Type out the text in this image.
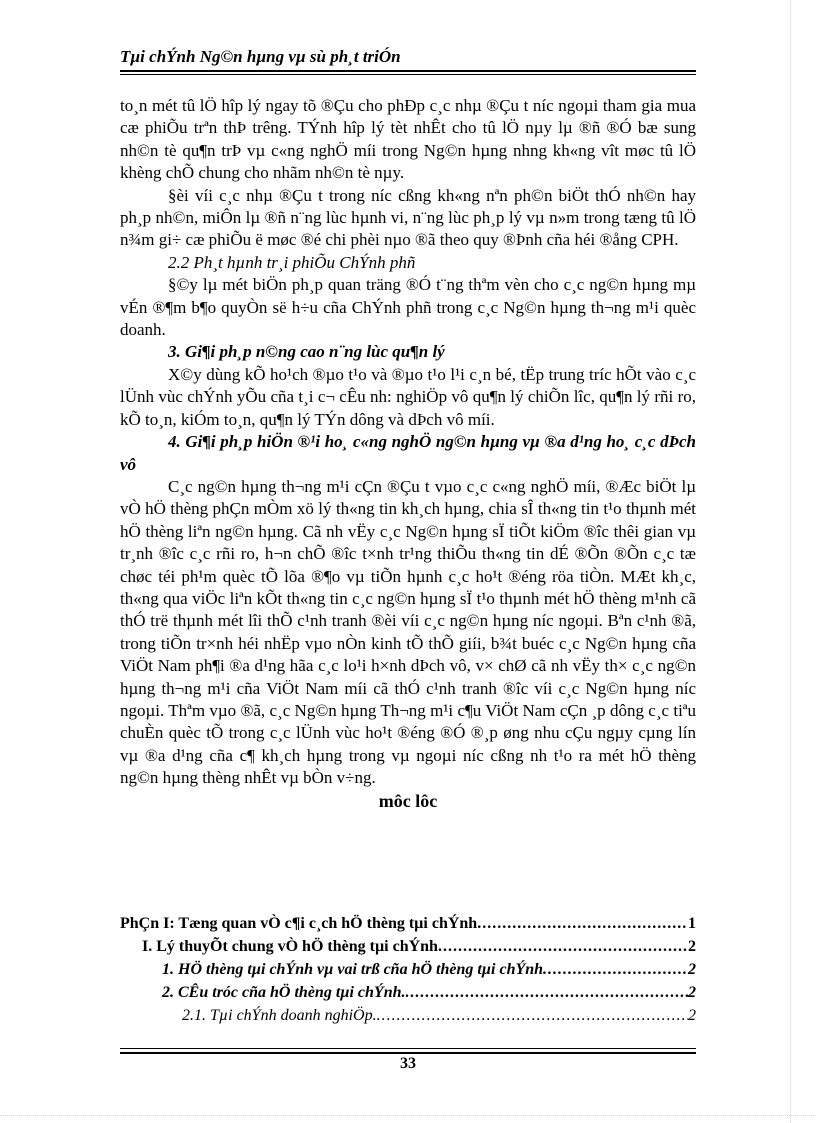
Tµi chÝnh Ng©n hµng vµ sù ph¸t triÓn

to¸n mét tû lÖ hîp lý ngay tõ ®Çu cho phÐp c¸c nhµ ®Çu t níc ngoµi tham gia mua cæ phiÕu trªn thÞ trêng. TÝnh hîp lý tèt nhÊt cho tû lÖ nµy lµ ®ñ ®Ó bæ sung nh©n tè qu¶n trÞ vµ c«ng nghÖ míi trong Ng©n hµng nhng kh«ng vît møc tû lÖ khèng chÕ chung cho nhãm nh©n tè nµy.

§èi víi c¸c nhµ ®Çu t trong níc cßng kh«ng nªn ph©n biÖt thÓ nh©n hay ph¸p nh©n, miÔn lµ ®ñ n¨ng lùc hµnh vi, n¨ng lùc ph¸p lý vµ n»m trong tæng tû lÖ n¾m gi÷ cæ phiÕu ë møc ®é chi phèi nµo ®ã theo quy ®Þnh cña héi ®ång CPH.

2.2 Ph¸t hµnh tr¸i phiÕu ChÝnh phñ

§©y lµ mét biÖn ph¸p quan träng ®Ó t¨ng thªm vèn cho c¸c ng©n hµng mµ vÉn ®¶m b¶o quyÒn së h÷u cña ChÝnh phñ trong c¸c Ng©n hµng th¬ng m¹i quèc doanh.

3. Gi¶i ph¸p n©ng cao n¨ng lùc qu¶n lý

X©y dùng kÕ ho¹ch ®µo t¹o và ®µo t¹o l¹i c¸n bé, tËp trung tríc hÕt vào c¸c lÜnh vùc chÝnh yÕu cña t¸i c¬ cÊu nh: nghiÖp vô qu¶n lý chiÕn lîc, qu¶n lý rñi ro, kÕ to¸n, kiÓm to¸n, qu¶n lý TÝn dông và dÞch vô míi.

4. Gi¶i ph¸p hiÖn ®¹i ho¸ c«ng nghÖ ng©n hµng vµ ®a d¹ng ho¸ c¸c dÞch vô

C¸c ng©n hµng th¬ng m¹i cÇn ®Çu t vµo c¸c c«ng nghÖ míi, ®Æc biÖt lµ vÒ hÖ thèng phÇn mÒm xö lý th«ng tin kh¸ch hµng, chia sÎ th«ng tin t¹o thµnh mét hÖ thèng liªn ng©n hµng. Cã nh vËy c¸c Ng©n hµng sÏ tiÕt kiÖm ®îc thêi gian vµ tr¸nh ®îc c¸c rñi ro, h¬n chÕ ®îc t×nh tr¹ng thiÕu th«ng tin dÉ ®Õn ®Õn c¸c tæ chøc téi ph¹m quèc tÕ lõa ®¶o vµ tiÕn hµnh c¸c ho¹t ®éng röa tiÒn. MÆt kh¸c, th«ng qua viÖc liªn kÕt th«ng tin c¸c ng©n hµng sÏ t¹o thµnh mét hÖ thèng m¹nh cã thÓ trë thµnh mét lîi thÕ c¹nh tranh ®èi víi c¸c ng©n hµng níc ngoµi. Bªn c¹nh ®ã, trong tiÕn tr×nh héi nhËp vµo nÒn kinh tÕ thÕ giíi, b¾t buéc c¸c Ng©n hµng cña ViÖt Nam ph¶i ®a d¹ng hãa c¸c lo¹i h×nh dÞch vô, v× chØ cã nh vËy th× c¸c ng©n hµng th¬ng m¹i cña ViÖt Nam míi cã thÓ c¹nh tranh ®îc víi c¸c Ng©n hµng níc ngoµi. Thªm vµo ®ã, c¸c Ng©n hµng Th¬ng m¹i c¶u ViÖt Nam cÇn ¸p dông c¸c tiªu chuÈn quèc tÕ trong c¸c lÜnh vùc ho¹t ®éng ®Ó ®¸p øng nhu cÇu ngµy cµng lín vµ ®a d¹ng cña c¶ kh¸ch hµng trong vµ ngoµi níc cßng nh t¹o ra mét hÖ thèng ng©n hµng thèng nhÊt vµ bÒn v÷ng.

môc lôc

PhÇn I: Tæng quan vÒ c¶i c¸ch hÖ thèng tµi chÝnh .....	1
I. Lý thuyÕt chung vÒ hÖ thèng tµi chÝnh .....	2
1. HÖ thèng tµi chÝnh vµ vai trß cña hÖ thèng tµi chÝnh .....	2
2. CÊu tróc cña hÖ thèng tµi chÝnh. .....	2
2.1. Tµi chÝnh doanh nghiÖp. .....	2
33
